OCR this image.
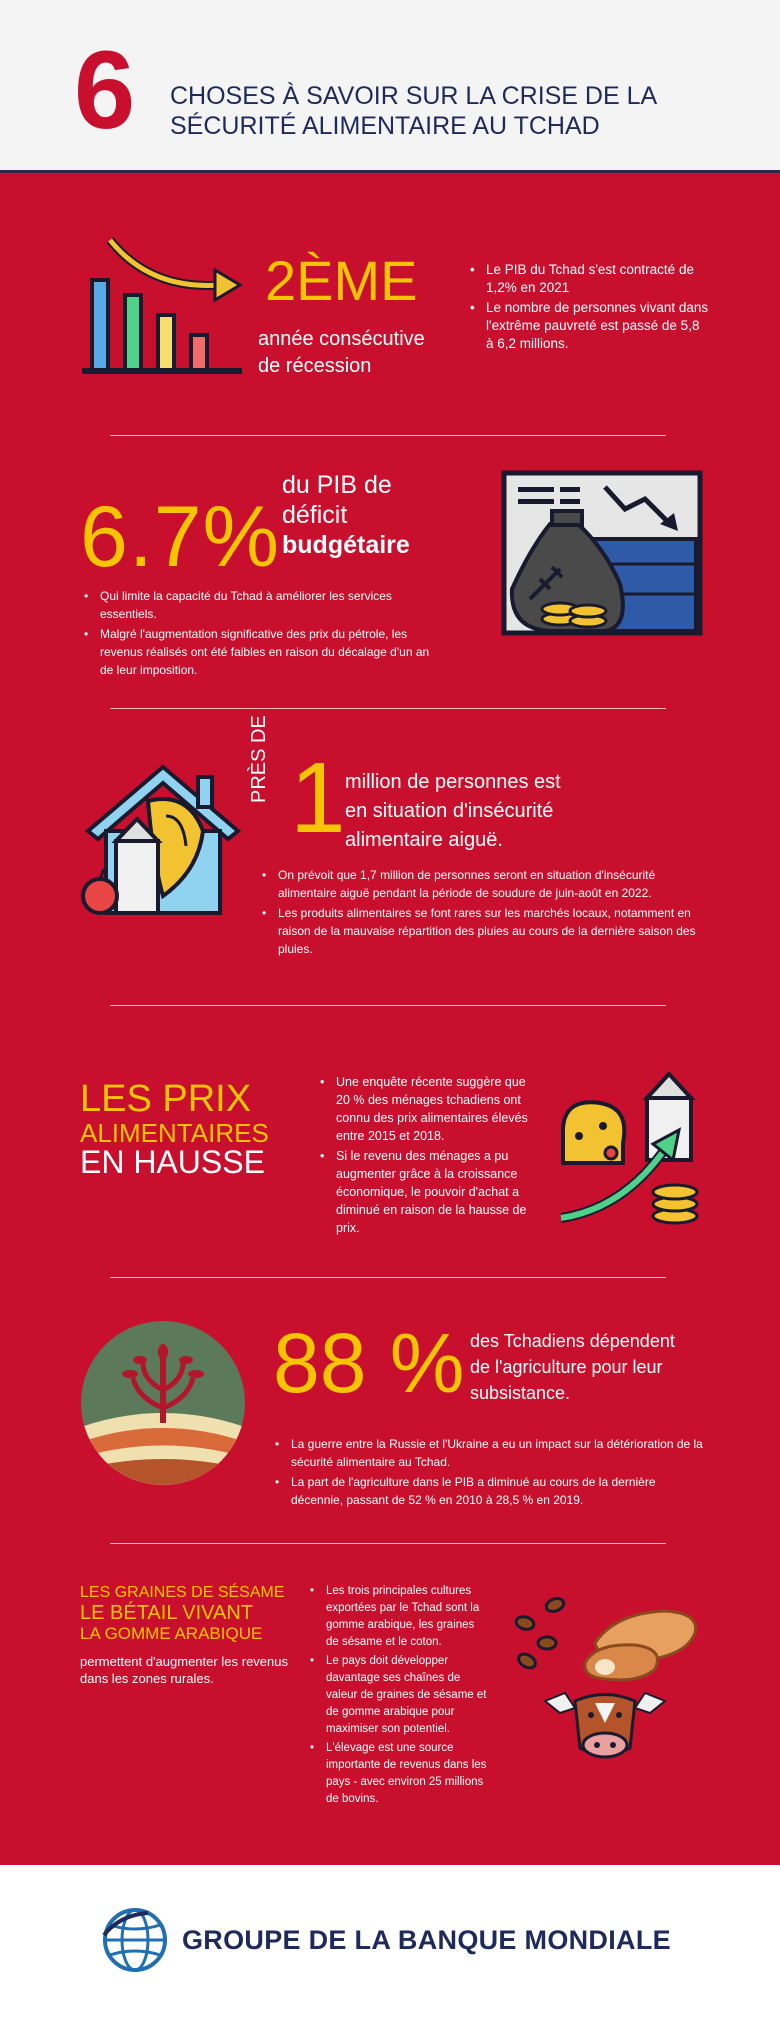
6 CHOSES À SAVOIR SUR LA CRISE DE LA
SÉCURITÉ ALIMENTAIRE AU TCHAD
2ÈME
année consécutive
de récession
• Le PIB du Tchad s'est contracté de 1,2% en 2021
• Le nombre de personnes vivant dans l'extrême pauvreté est passé de 5,8 à 6,2 millions.
6.7%
du PIB de
déficit
budgétaire
• Qui limite la capacité du Tchad à améliorer les services essentiels.
• Malgré l'augmentation significative des prix du pétrole, les revenus réalisés ont été faibles en raison du décalage d'un an de leur imposition.
PRÈS DE 1 million de personnes est
en situation d'insécurité
alimentaire aiguë.
• On prévoit que 1,7 million de personnes seront en situation d'insécurité alimentaire aiguë pendant la période de soudure de juin-août en 2022.
• Les produits alimentaires se font rares sur les marchés locaux, notamment en raison de la mauvaise répartition des pluies au cours de la dernière saison des pluies.
LES PRIX
ALIMENTAIRES
EN HAUSSE
• Une enquête récente suggère que 20 % des ménages tchadiens ont connu des prix alimentaires élevés entre 2015 et 2018.
• Si le revenu des ménages a pu augmenter grâce à la croissance économique, le pouvoir d'achat a diminué en raison de la hausse de prix.
88 % des Tchadiens dépendent
de l'agriculture pour leur
subsistance.
• La guerre entre la Russie et l'Ukraine a eu un impact sur la détérioration de la sécurité alimentaire au Tchad.
• La part de l'agriculture dans le PIB a diminué au cours de la dernière décennie, passant de 52 % en 2010 à 28,5 % en 2019.
LES GRAINES DE SÉSAME
LE BÉTAIL VIVANT
LA GOMME ARABIQUE
permettent d'augmenter les revenus dans les zones rurales.
• Les trois principales cultures exportées par le Tchad sont la gomme arabique, les graines de sésame et le coton.
• Le pays doit développer davantage ses chaînes de valeur de graines de sésame et de gomme arabique pour maximiser son potentiel.
• L'élevage est une source importante de revenus dans les pays - avec environ 25 millions de bovins.
GROUPE DE LA BANQUE MONDIALE
